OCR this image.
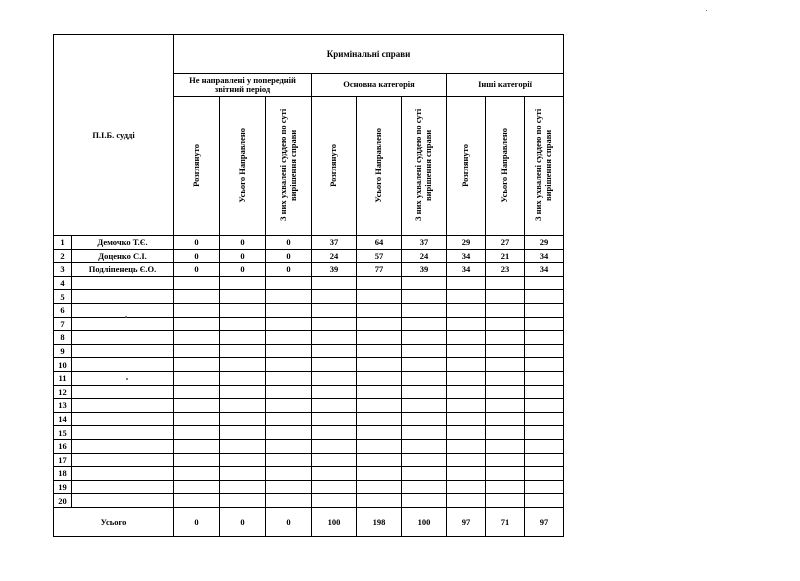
П.І.Б. судді		Кримінальні справи								
		Не направлені у попередній звітний період			Основна категорія			Інші категорії		
		Розглянуто	Усього Направлено	З них ухвалені суддею по суті вирішення справи	Розглянуто	Усього Направлено	З них ухвалені суддею по суті вирішення справи	Розглянуто	Усього Направлено	З них ухвалені суддею по суті вирішення справи
1	Демочко Т.Є.	0	0	0	37	64	37	29	27	29
2	Доценко С.І.	0	0	0	24	57	24	34	21	34
3	Подліпенець Є.О.	0	0	0	39	77	39	34	23	34
4										
5										
6										
7										
8										
9										
10										
11										
12										
13										
14										
15										
16										
17										
18										
19										
20										
Усього		0	0	0	100	198	100	97	71	97
